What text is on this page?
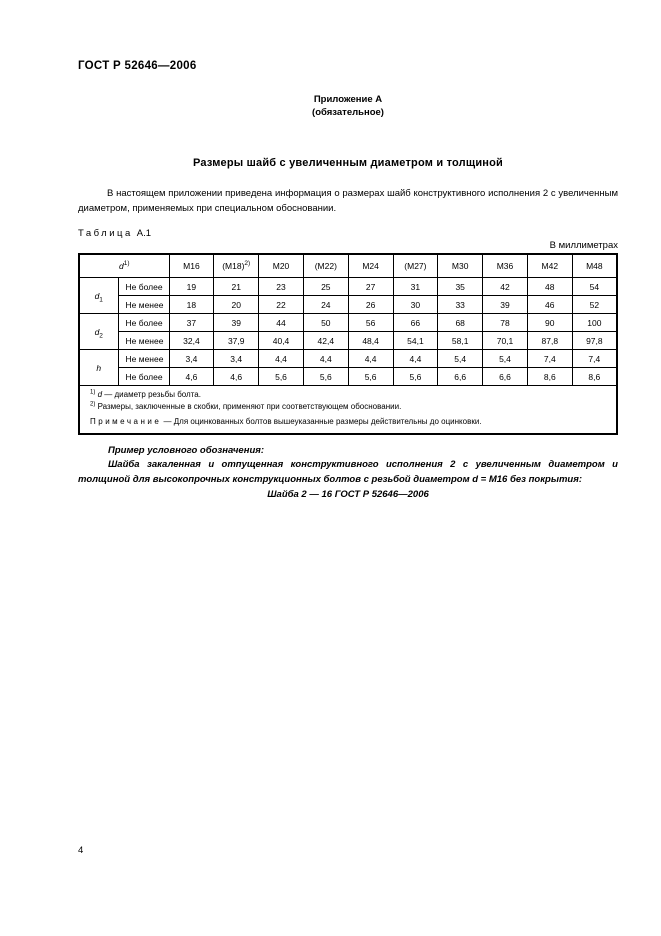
ГОСТ Р 52646—2006
Приложение А
(обязательное)
Размеры шайб с увеличенным диаметром и толщиной

В настоящем приложении приведена информация о размерах шайб конструктивного исполнения 2 с увеличенным диаметром, применяемых при специальном обосновании.

Таблица А.1
В миллиметрах
$d^{1)}$		М16	$(М18)^{2)}$	М20	(М22)	М24	(М27)	М30	М36	М42	М48
$d_1$	Не более	19	21	23	25	27	31	35	42	48	54
	Не менее	18	20	22	24	26	30	33	39	46	52
$d_2$	Не более	37	39	44	50	56	66	68	78	90	100
	Не менее	32,4	37,9	40,4	42,4	48,4	54,1	58,1	70,1	87,8	97,8
h	Не менее	3,4	3,4	4,4	4,4	4,4	4,4	5,4	5,4	7,4	7,4
	Не более	4,6	4,6	5,6	5,6	5,6	5,6	6,6	6,6	8,6	8,6

$^{1)}$ d — диаметр резьбы болта.
$^{2)}$ Размеры, заключенные в скобки, применяют при соответствующем обосновании.
Примечание — Для оцинкованных болтов вышеуказанные размеры действительны до оцинковки.											

Пример условного обозначения:

Шайба закаленная и отпущенная конструктивного исполнения 2 с увеличенным диаметром и толщиной для высокопрочных конструкционных болтов с резьбой диаметром d = М16 без покрытия:

Шайба 2 — 16 ГОСТ Р 52646—2006

4
